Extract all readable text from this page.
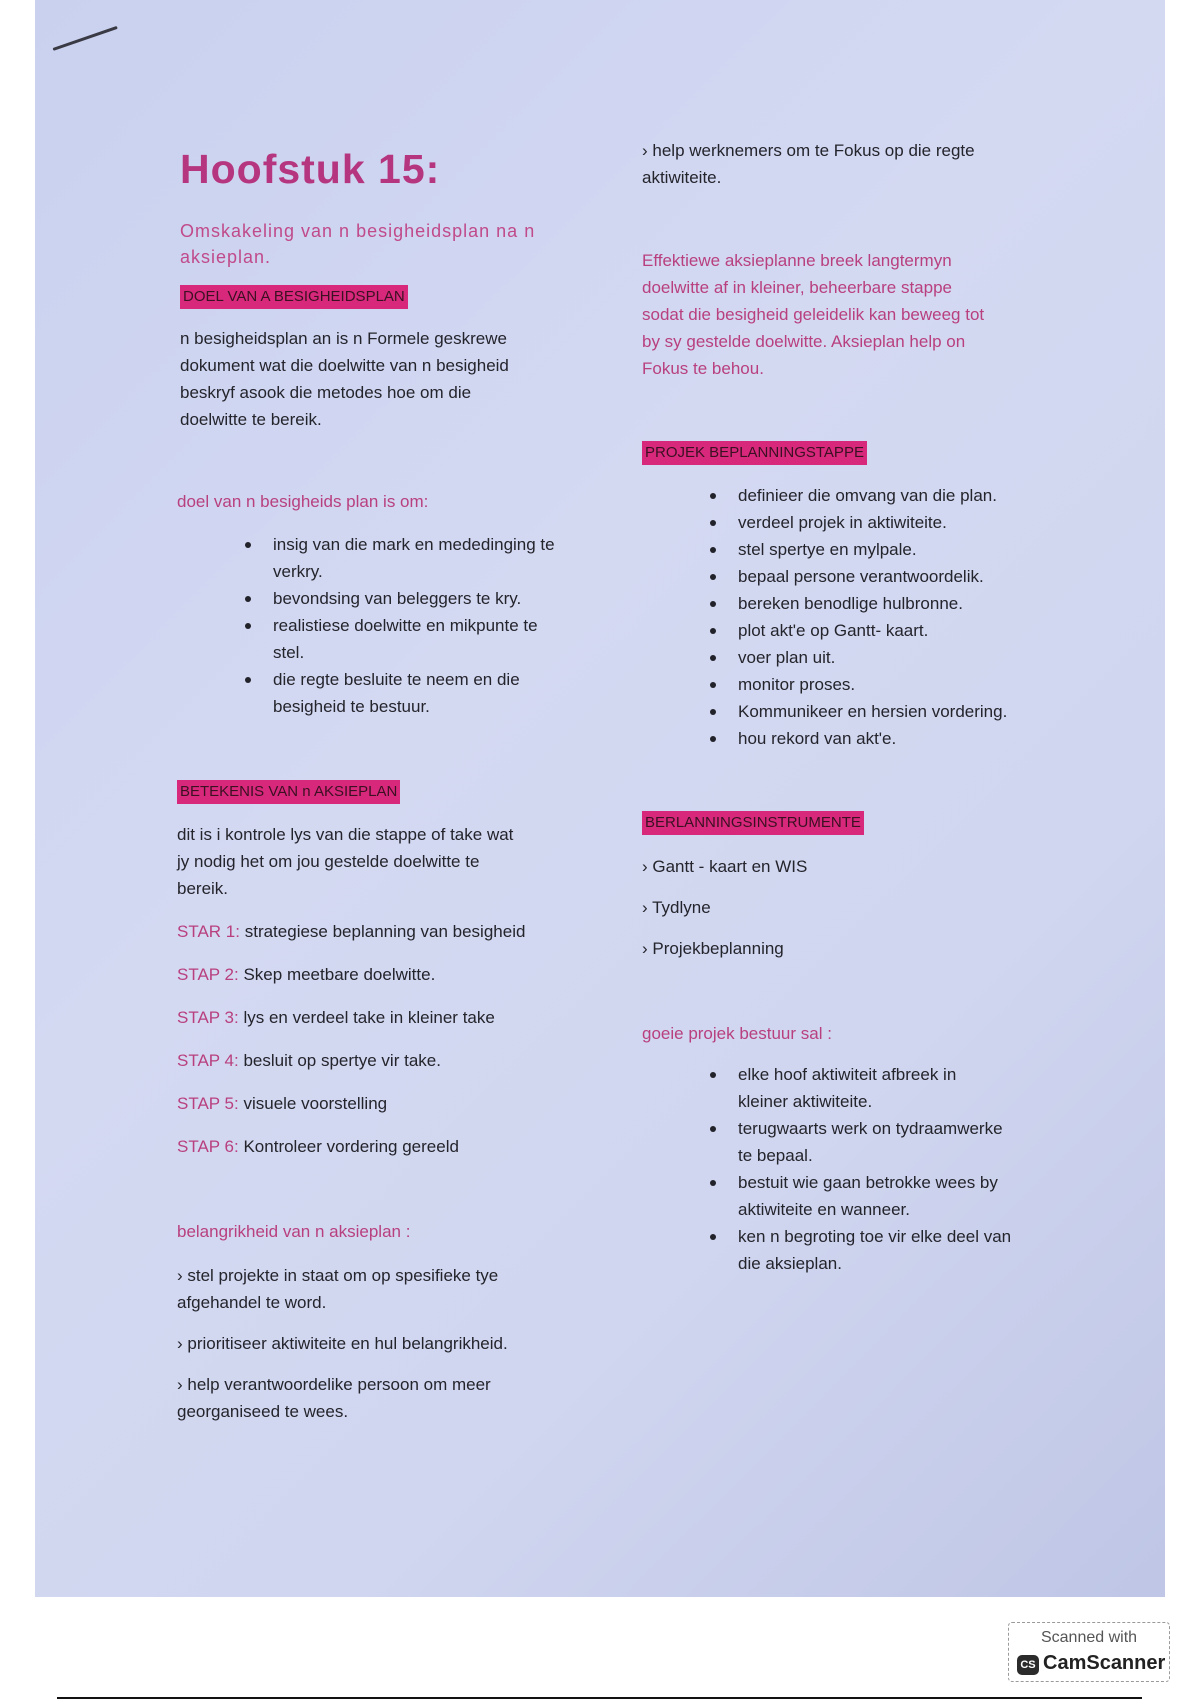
Hoofstuk 15:

Omskakeling van n besigheidsplan na n

aksieplan.

DOEL VAN A BESIGHEIDSPLAN

n besigheidsplan an is n Formele geskrewe

dokument wat die doelwitte van n besigheid

beskryf asook die metodes hoe om die

doelwitte te bereik.

doel van n besigheids plan is om:

insig van die mark en mededinging te
verkry.
bevondsing van beleggers te kry.
realistiese doelwitte en mikpunte te
stel.
die regte besluite te neem en die
besigheid te bestuur.
BETEKENIS VAN n AKSIEPLAN

dit is i kontrole lys van die stappe of take wat

jy nodig het om jou gestelde doelwitte te

bereik.

STAR 1: strategiese beplanning van besigheid

STAP 2: Skep meetbare doelwitte.

STAP 3: lys en verdeel take in kleiner take

STAP 4: besluit op spertye vir take.

STAP 5: visuele voorstelling

STAP 6: Kontroleer vordering gereeld

belangrikheid van n aksieplan :

› stel projekte in staat om op spesifieke tye

afgehandel te word.

› prioritiseer aktiwiteite en hul belangrikheid.

› help verantwoordelike persoon om meer

georganiseed te wees.

› help werknemers om te Fokus op die regte

aktiwiteite.

Effektiewe aksieplanne breek langtermyn

doelwitte af in kleiner, beheerbare stappe

sodat die besigheid geleidelik kan beweeg tot

by sy gestelde doelwitte. Aksieplan help on

Fokus te behou.

PROJEK BEPLANNINGSTAPPE
definieer die omvang van die plan.
verdeel projek in aktiwiteite.
stel spertye en mylpale.
bepaal persone verantwoordelik.
bereken benodlige hulbronne.
plot akt'e op Gantt- kaart.
voer plan uit.
monitor proses.
Kommunikeer en hersien vordering.
hou rekord van akt'e.
BERLANNINGSINSTRUMENTE

› Gantt - kaart en WIS

› Tydlyne

› Projekbeplanning

goeie projek bestuur sal :

elke hoof aktiwiteit afbreek in
kleiner aktiwiteite.
terugwaarts werk on tydraamwerke
te bepaal.
bestuit wie gaan betrokke wees by
aktiwiteite en wanneer.
ken n begroting toe vir elke deel van
die aksieplan.
Scanned with
CS CamScanner
